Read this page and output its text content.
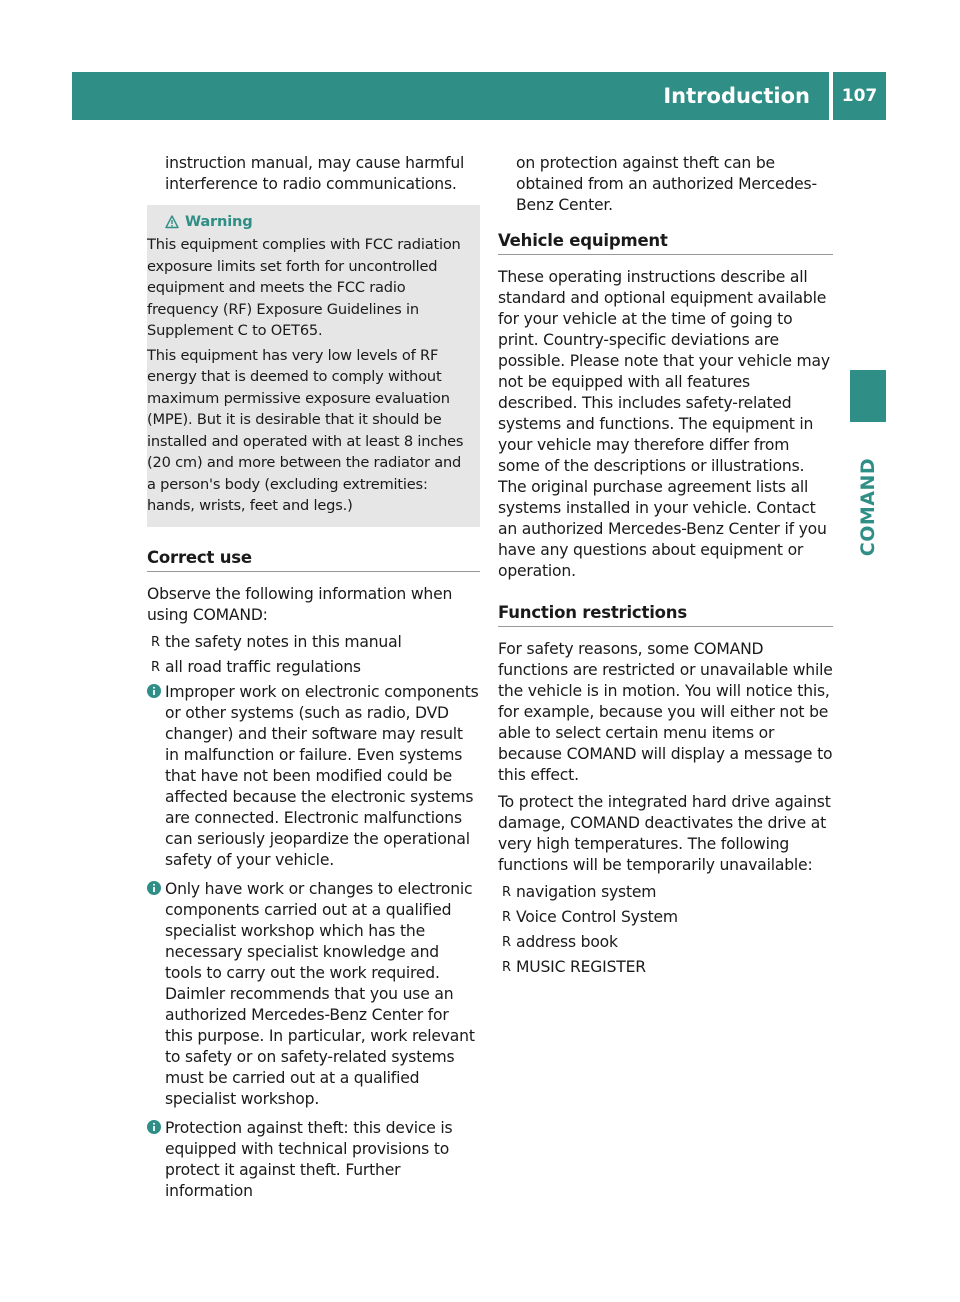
Introduction	107
COMAND

instruction manual, may cause harmful interference to radio communications.

Warning

This equipment complies with FCC radiation exposure limits set forth for uncontrolled equipment and meets the FCC radio frequency (RF) Exposure Guidelines in Supplement C to OET65.

This equipment has very low levels of RF energy that is deemed to comply without maximum permissive exposure evaluation (MPE). But it is desirable that it should be installed and operated with at least 8 inches (20 cm) and more between the radiator and a person's body (excluding extremities: hands, wrists, feet and legs.)

Correct use

Observe the following information when using COMAND:

R the safety notes in this manual
R all road traffic regulations
Improper work on electronic components or other systems (such as radio, DVD changer) and their software may result in malfunction or failure. Even systems that have not been modified could be affected because the electronic systems are connected. Electronic malfunctions can seriously jeopardize the operational safety of your vehicle.
Only have work or changes to electronic components carried out at a qualified specialist workshop which has the necessary specialist knowledge and tools to carry out the work required. Daimler recommends that you use an authorized Mercedes-Benz Center for this purpose. In particular, work relevant to safety or on safety-related systems must be carried out at a qualified specialist workshop.
Protection against theft: this device is equipped with technical provisions to protect it against theft. Further information

on protection against theft can be obtained from an authorized Mercedes-Benz Center.

Vehicle equipment

These operating instructions describe all standard and optional equipment available for your vehicle at the time of going to print. Country-specific deviations are possible. Please note that your vehicle may not be equipped with all features described. This includes safety-related systems and functions. The equipment in your vehicle may therefore differ from some of the descriptions or illustrations. The original purchase agreement lists all systems installed in your vehicle. Contact an authorized Mercedes-Benz Center if you have any questions about equipment or operation.

Function restrictions

For safety reasons, some COMAND functions are restricted or unavailable while the vehicle is in motion. You will notice this, for example, because you will either not be able to select certain menu items or because COMAND will display a message to this effect.

To protect the integrated hard drive against damage, COMAND deactivates the drive at very high temperatures. The following functions will be temporarily unavailable:

R navigation system
R Voice Control System
R address book
R MUSIC REGISTER
